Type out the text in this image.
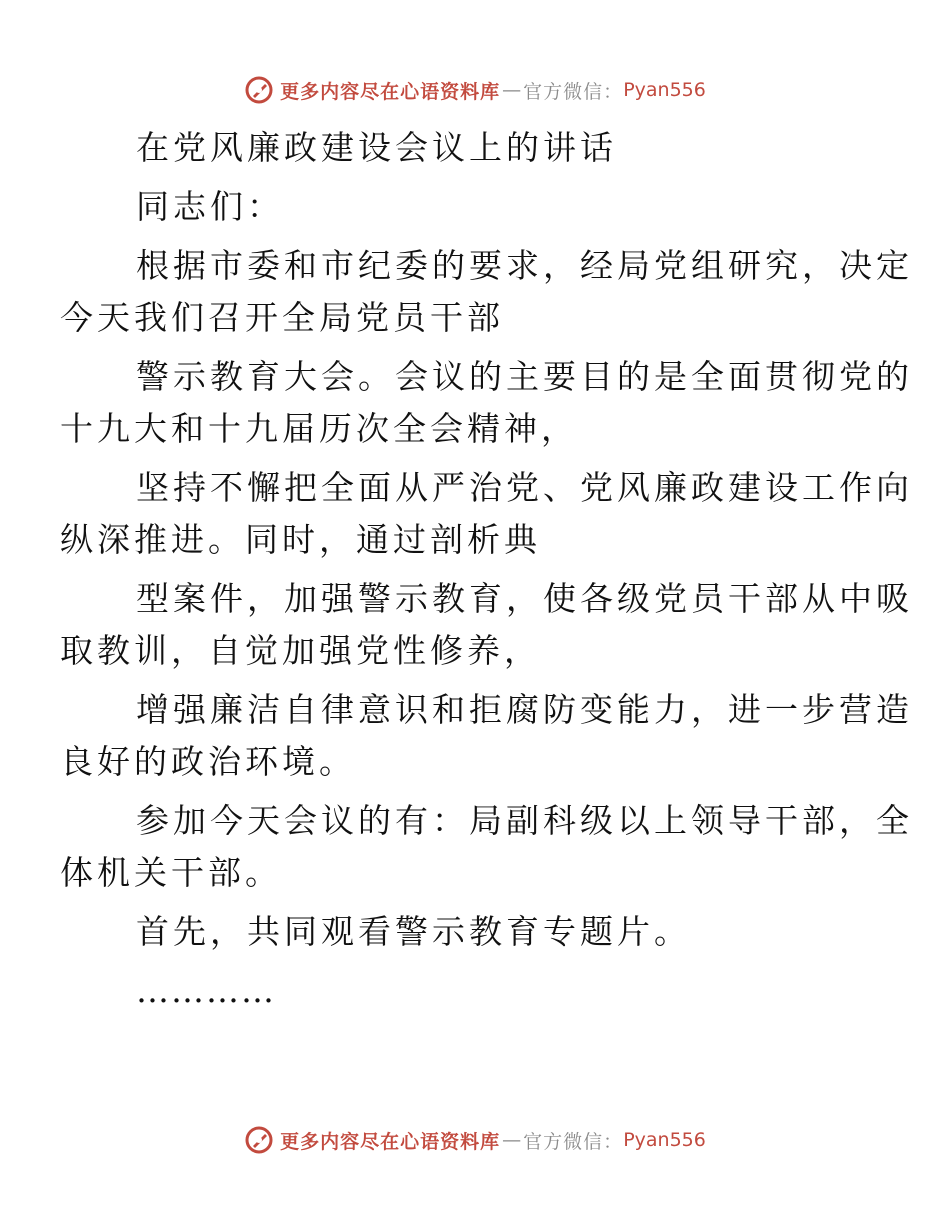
更多内容尽在心语资料库 — 官方微信： Pyan556

在党风廉政建设会议上的讲话

同志们：

根据市委和市纪委的要求，经局党组研究，决定
今天我们召开全局党员干部

警示教育大会。会议的主要目的是全面贯彻党的
十九大和十九届历次全会精神，

坚持不懈把全面从严治党、党风廉政建设工作向
纵深推进。同时，通过剖析典

型案件，加强警示教育，使各级党员干部从中吸
取教训，自觉加强党性修养，

增强廉洁自律意识和拒腐防变能力，进一步营造
良好的政治环境。

参加今天会议的有：局副科级以上领导干部，全
体机关干部。

首先，共同观看警示教育专题片。

…………

更多内容尽在心语资料库 — 官方微信： Pyan556
